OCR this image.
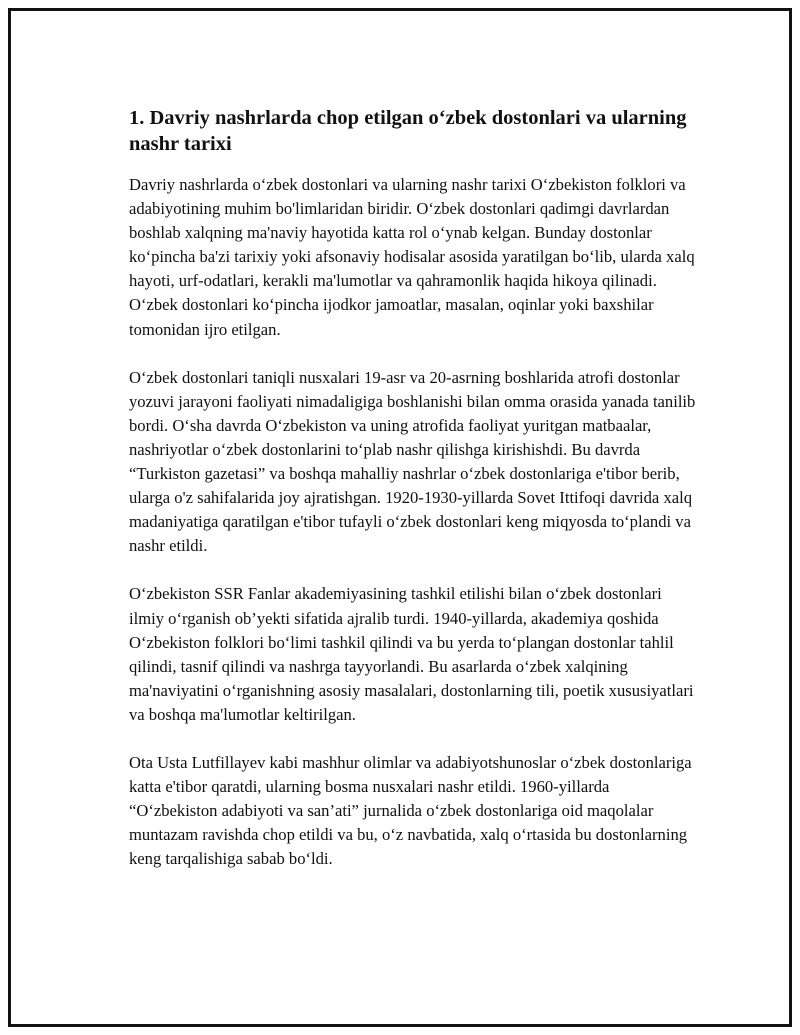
1. Davriy nashrlarda chop etilgan o‘zbek dostonlari va ularning nashr tarixi

Davriy nashrlarda o‘zbek dostonlari va ularning nashr tarixi O‘zbekiston folklori va adabiyotining muhim bo'limlaridan biridir. O‘zbek dostonlari qadimgi davrlardan boshlab xalqning ma'naviy hayotida katta rol o‘ynab kelgan. Bunday dostonlar ko‘pincha ba'zi tarixiy yoki afsonaviy hodisalar asosida yaratilgan bo‘lib, ularda xalq hayoti, urf-odatlari, kerakli ma'lumotlar va qahramonlik haqida hikoya qilinadi. O‘zbek dostonlari ko‘pincha ijodkor jamoatlar, masalan, oqinlar yoki baxshilar tomonidan ijro etilgan.

O‘zbek dostonlari taniqli nusxalari 19-asr va 20-asrning boshlarida atrofi dostonlar yozuvi jarayoni faoliyati nimadaligiga boshlanishi bilan omma orasida yanada tanilib bordi. O‘sha davrda O‘zbekiston va uning atrofida faoliyat yuritgan matbaalar, nashriyotlar o‘zbek dostonlarini to‘plab nashr qilishga kirishishdi. Bu davrda “Turkiston gazetasi” va boshqa mahalliy nashrlar o‘zbek dostonlariga e'tibor berib, ularga o'z sahifalarida joy ajratishgan. 1920-1930-yillarda Sovet Ittifoqi davrida xalq madaniyatiga qaratilgan e'tibor tufayli o‘zbek dostonlari keng miqyosda to‘plandi va nashr etildi.

O‘zbekiston SSR Fanlar akademiyasining tashkil etilishi bilan o‘zbek dostonlari ilmiy o‘rganish ob’yekti sifatida ajralib turdi. 1940-yillarda, akademiya qoshida O‘zbekiston folklori bo‘limi tashkil qilindi va bu yerda to‘plangan dostonlar tahlil qilindi, tasnif qilindi va nashrga tayyorlandi. Bu asarlarda o‘zbek xalqining ma'naviyatini o‘rganishning asosiy masalalari, dostonlarning tili, poetik xususiyatlari va boshqa ma'lumotlar keltirilgan.

Ota Usta Lutfillayev kabi mashhur olimlar va adabiyotshunoslar o‘zbek dostonlariga katta e'tibor qaratdi, ularning bosma nusxalari nashr etildi. 1960-yillarda “O‘zbekiston adabiyoti va san’ati” jurnalida o‘zbek dostonlariga oid maqolalar muntazam ravishda chop etildi va bu, o‘z navbatida, xalq o‘rtasida bu dostonlarning keng tarqalishiga sabab bo‘ldi.
